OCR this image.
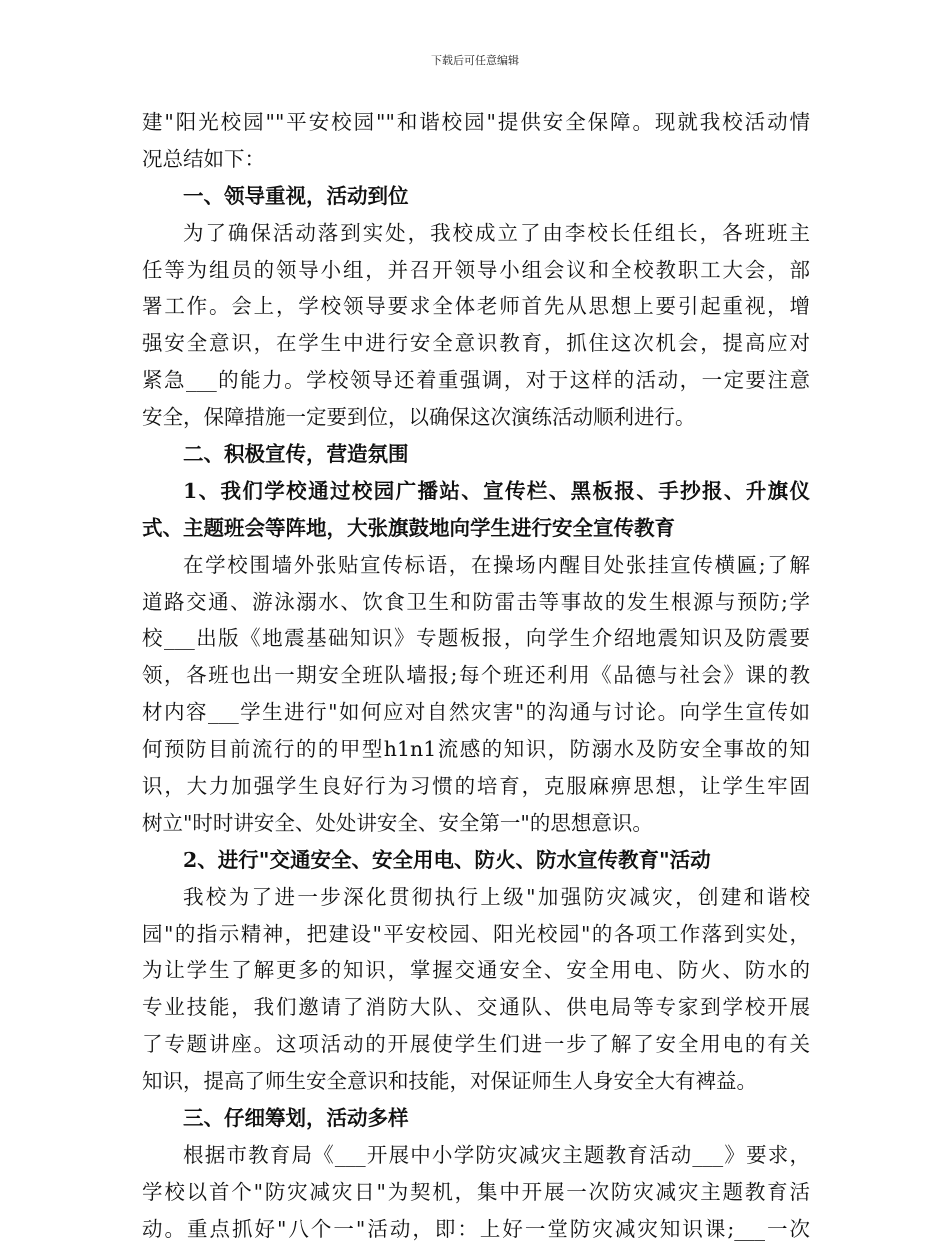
下载后可任意编辑
建"阳光校园""平安校园""和谐校园"提供安全保障。现就我校活动情
况总结如下：
一、领导重视，活动到位
为了确保活动落到实处，我校成立了由李校长任组长，各班班主
任等为组员的领导小组，并召开领导小组会议和全校教职工大会，部
署工作。会上，学校领导要求全体老师首先从思想上要引起重视，增
强安全意识，在学生中进行安全意识教育，抓住这次机会，提高应对
紧急___的能力。学校领导还着重强调，对于这样的活动，一定要注意
安全，保障措施一定要到位，以确保这次演练活动顺利进行。
二、积极宣传，营造氛围
1、我们学校通过校园广播站、宣传栏、黑板报、手抄报、升旗仪
式、主题班会等阵地，大张旗鼓地向学生进行安全宣传教育
在学校围墙外张贴宣传标语，在操场内醒目处张挂宣传横匾;了解
道路交通、游泳溺水、饮食卫生和防雷击等事故的发生根源与预防;学
校___出版《地震基础知识》专题板报，向学生介绍地震知识及防震要
领，各班也出一期安全班队墙报;每个班还利用《品德与社会》课的教
材内容___学生进行"如何应对自然灾害"的沟通与讨论。向学生宣传如
何预防目前流行的的甲型h1n1流感的知识，防溺水及防安全事故的知
识，大力加强学生良好行为习惯的培育，克服麻痹思想，让学生牢固
树立"时时讲安全、处处讲安全、安全第一"的思想意识。
2、进行"交通安全、安全用电、防火、防水宣传教育"活动
我校为了进一步深化贯彻执行上级"加强防灾减灾，创建和谐校
园"的指示精神，把建设"平安校园、阳光校园"的各项工作落到实处，
为让学生了解更多的知识，掌握交通安全、安全用电、防火、防水的
专业技能，我们邀请了消防大队、交通队、供电局等专家到学校开展
了专题讲座。这项活动的开展使学生们进一步了解了安全用电的有关
知识，提高了师生安全意识和技能，对保证师生人身安全大有裨益。
三、仔细筹划，活动多样
根据市教育局《___开展中小学防灾减灾主题教育活动___》要求，
学校以首个"防灾减灾日"为契机，集中开展一次防灾减灾主题教育活
动。重点抓好"八个一"活动，即：上好一堂防灾减灾知识课;___一次
